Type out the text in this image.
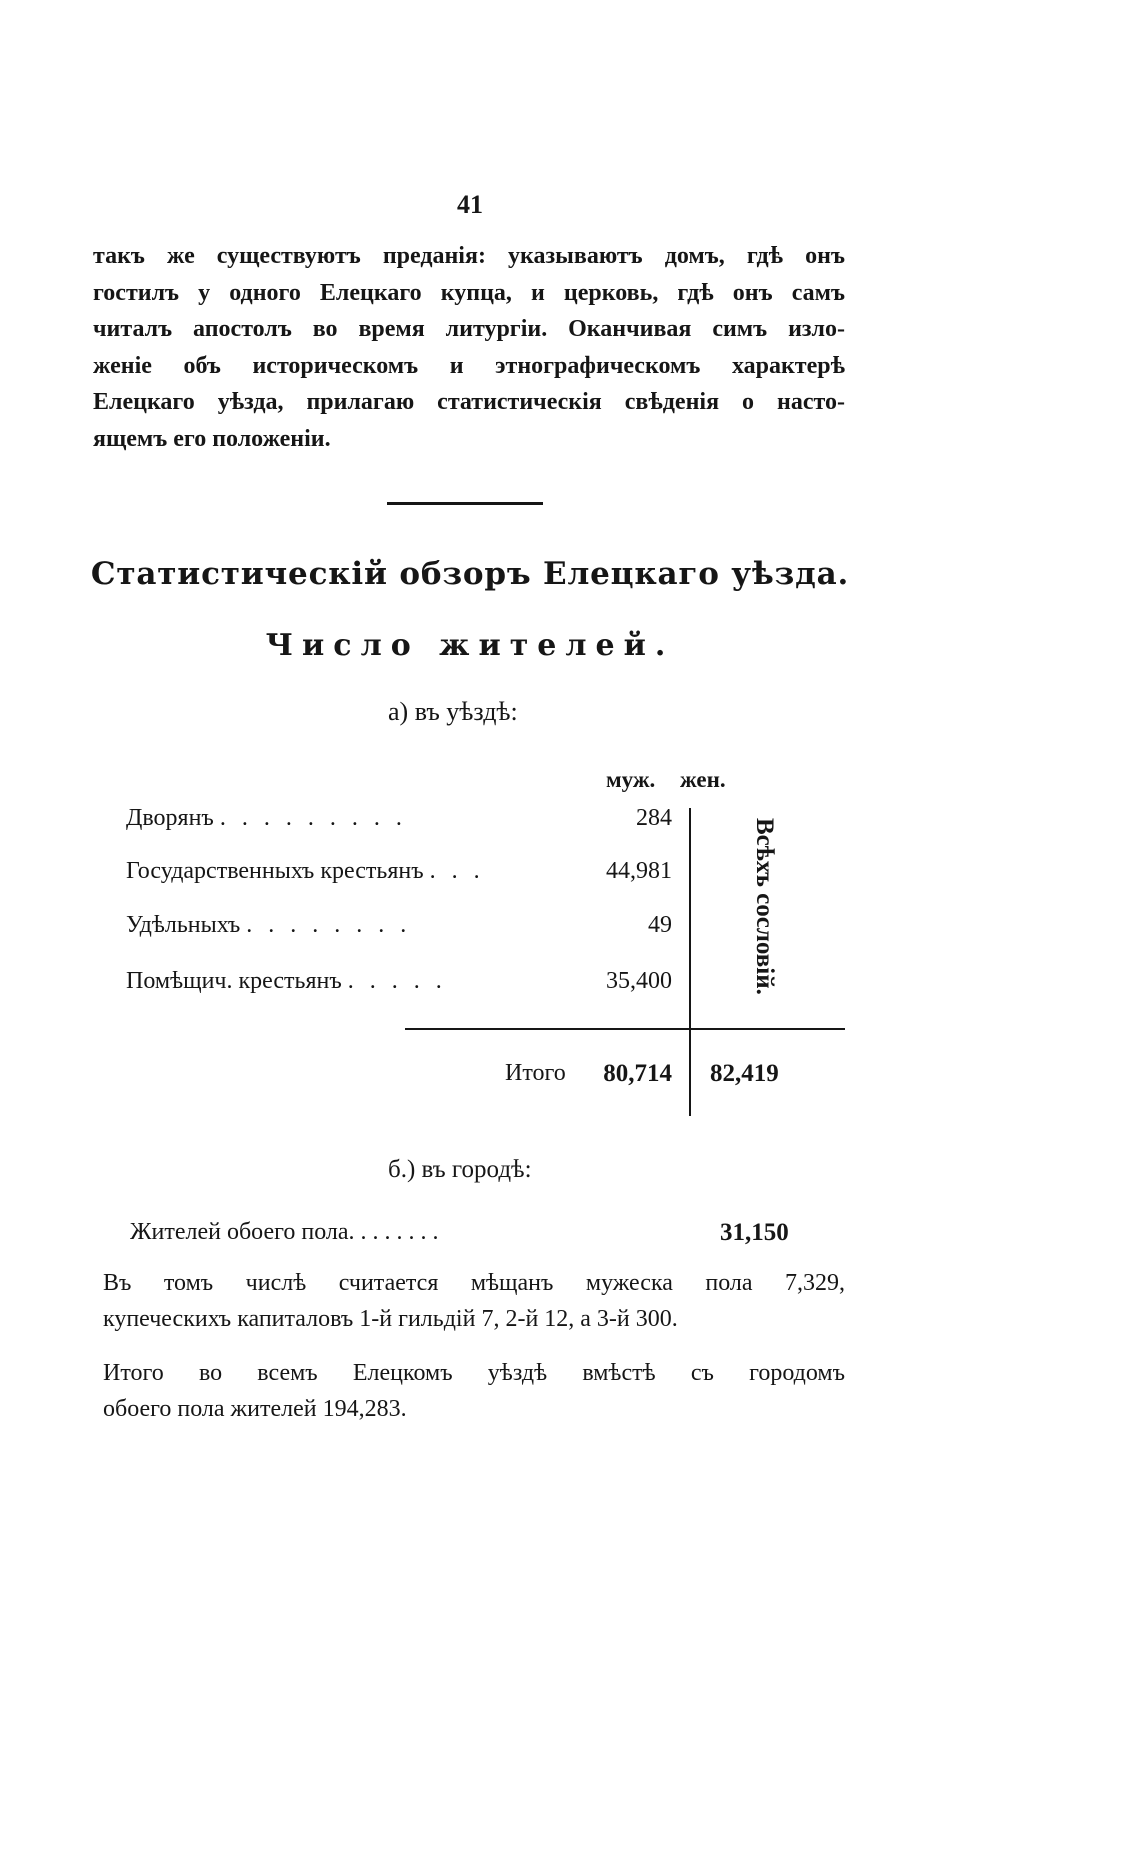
41
такъ же существуютъ преданія: указываютъ домъ, гдѣ онъ
гостилъ у одного Елецкаго купца, и церковь, гдѣ онъ самъ
читалъ апостолъ во время литургіи. Оканчивая симъ изло-
женіе объ историческомъ и этнографическомъ характерѣ
Елецкаго уѣзда, прилагаю статистическія свѣденія о насто-
ящемъ его положеніи.
Статистическій обзоръ Елецкаго уѣзда.
Число жителей.
а) въ уѣздѣ:
муж. жен.
Дворянъ . . . . . . . . .	284
Государственныхъ крестьянъ . . .	44,981
Удѣльныхъ . . . . . . . .	49
Помѣщич. крестьянъ . . . . .	35,400	Всѣхъ сословій.
Итого	80,714 82,419
б.) въ городѣ:
Жителей обоего пола. . . . . . . .	31,150
Въ томъ числѣ считается мѣщанъ мужеска пола 7,329,
купеческихъ капиталовъ 1-й гильдій 7, 2-й 12, а 3-й 300.
Итого во всемъ Елецкомъ уѣздѣ вмѣстѣ съ городомъ
обоего пола жителей 194,283.
